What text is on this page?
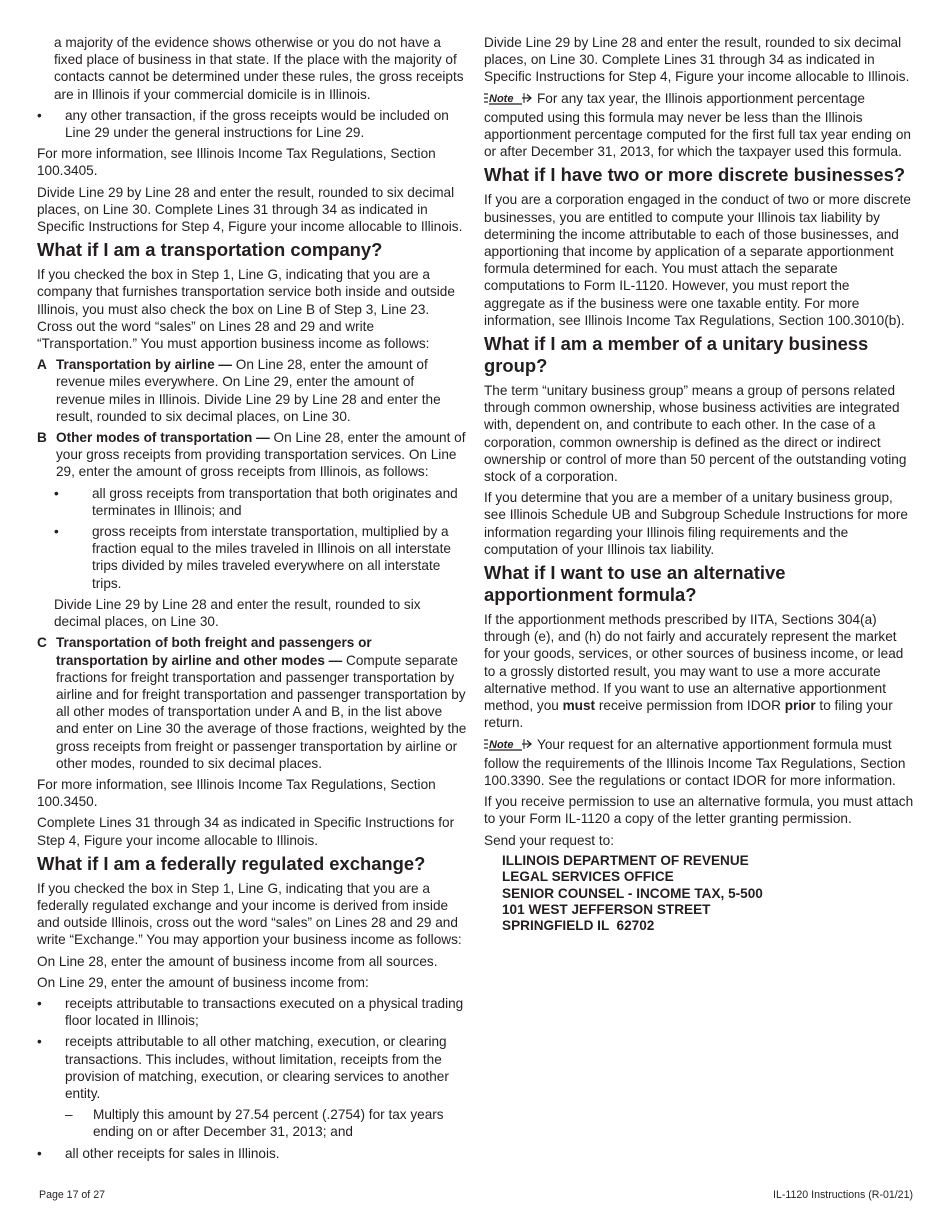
a majority of the evidence shows otherwise or you do not have a fixed place of business in that state. If the place with the majority of contacts cannot be determined under these rules, the gross receipts are in Illinois if your commercial domicile is in Illinois.

• any other transaction, if the gross receipts would be included on Line 29 under the general instructions for Line 29.

For more information, see Illinois Income Tax Regulations, Section 100.3405.

Divide Line 29 by Line 28 and enter the result, rounded to six decimal places, on Line 30. Complete Lines 31 through 34 as indicated in Specific Instructions for Step 4, Figure your income allocable to Illinois.

What if I am a transportation company?

If you checked the box in Step 1, Line G, indicating that you are a company that furnishes transportation service both inside and outside Illinois, you must also check the box on Line B of Step 3, Line 23. Cross out the word “sales” on Lines 28 and 29 and write “Transportation.” You must apportion business income as follows:

A Transportation by airline — On Line 28, enter the amount of revenue miles everywhere. On Line 29, enter the amount of revenue miles in Illinois. Divide Line 29 by Line 28 and enter the result, rounded to six decimal places, on Line 30.
B Other modes of transportation — On Line 28, enter the amount of your gross receipts from providing transportation services. On Line 29, enter the amount of gross receipts from Illinois, as follows:
• all gross receipts from transportation that both originates and terminates in Illinois; and
• gross receipts from interstate transportation, multiplied by a fraction equal to the miles traveled in Illinois on all interstate trips divided by miles traveled everywhere on all interstate trips.

Divide Line 29 by Line 28 and enter the result, rounded to six decimal places, on Line 30.

C Transportation of both freight and passengers or transportation by airline and other modes — Compute separate fractions for freight transportation and passenger transportation by airline and for freight transportation and passenger transportation by all other modes of transportation under A and B, in the list above and enter on Line 30 the average of those fractions, weighted by the gross receipts from freight or passenger transportation by airline or other modes, rounded to six decimal places.

For more information, see Illinois Income Tax Regulations, Section 100.3450.

Complete Lines 31 through 34 as indicated in Specific Instructions for Step 4, Figure your income allocable to Illinois.

What if I am a federally regulated exchange?

If you checked the box in Step 1, Line G, indicating that you are a federally regulated exchange and your income is derived from inside and outside Illinois, cross out the word “sales” on Lines 28 and 29 and write “Exchange.” You may apportion your business income as follows:

On Line 28, enter the amount of business income from all sources.

On Line 29, enter the amount of business income from:

• receipts attributable to transactions executed on a physical trading floor located in Illinois;
• receipts attributable to all other matching, execution, or clearing transactions. This includes, without limitation, receipts from the provision of matching, execution, or clearing services to another entity.
– Multiply this amount by 27.54 percent (.2754) for tax years ending on or after December 31, 2013; and
• all other receipts for sales in Illinois.

Divide Line 29 by Line 28 and enter the result, rounded to six decimal places, on Line 30. Complete Lines 31 through 34 as indicated in Specific Instructions for Step 4, Figure your income allocable to Illinois.

Note For any tax year, the Illinois apportionment percentage computed using this formula may never be less than the Illinois apportionment percentage computed for the first full tax year ending on or after December 31, 2013, for which the taxpayer used this formula.

What if I have two or more discrete businesses?

If you are a corporation engaged in the conduct of two or more discrete businesses, you are entitled to compute your Illinois tax liability by determining the income attributable to each of those businesses, and apportioning that income by application of a separate apportionment formula determined for each. You must attach the separate computations to Form IL-1120. However, you must report the aggregate as if the business were one taxable entity. For more information, see Illinois Income Tax Regulations, Section 100.3010(b).

What if I am a member of a unitary business group?

The term “unitary business group” means a group of persons related through common ownership, whose business activities are integrated with, dependent on, and contribute to each other. In the case of a corporation, common ownership is defined as the direct or indirect ownership or control of more than 50 percent of the outstanding voting stock of a corporation.

If you determine that you are a member of a unitary business group, see Illinois Schedule UB and Subgroup Schedule Instructions for more information regarding your Illinois filing requirements and the computation of your Illinois tax liability.

What if I want to use an alternative apportionment formula?

If the apportionment methods prescribed by IITA, Sections 304(a) through (e), and (h) do not fairly and accurately represent the market for your goods, services, or other sources of business income, or lead to a grossly distorted result, you may want to use a more accurate alternative method. If you want to use an alternative apportionment method, you must receive permission from IDOR prior to filing your return.

Note Your request for an alternative apportionment formula must follow the requirements of the Illinois Income Tax Regulations, Section 100.3390. See the regulations or contact IDOR for more information.

If you receive permission to use an alternative formula, you must attach to your Form IL-1120 a copy of the letter granting permission.

Send your request to:

ILLINOIS DEPARTMENT OF REVENUE
LEGAL SERVICES OFFICE
SENIOR COUNSEL - INCOME TAX, 5-500
101 WEST JEFFERSON STREET
SPRINGFIELD IL  62702
Page 17 of 27	IL-1120 Instructions (R-01/21)
